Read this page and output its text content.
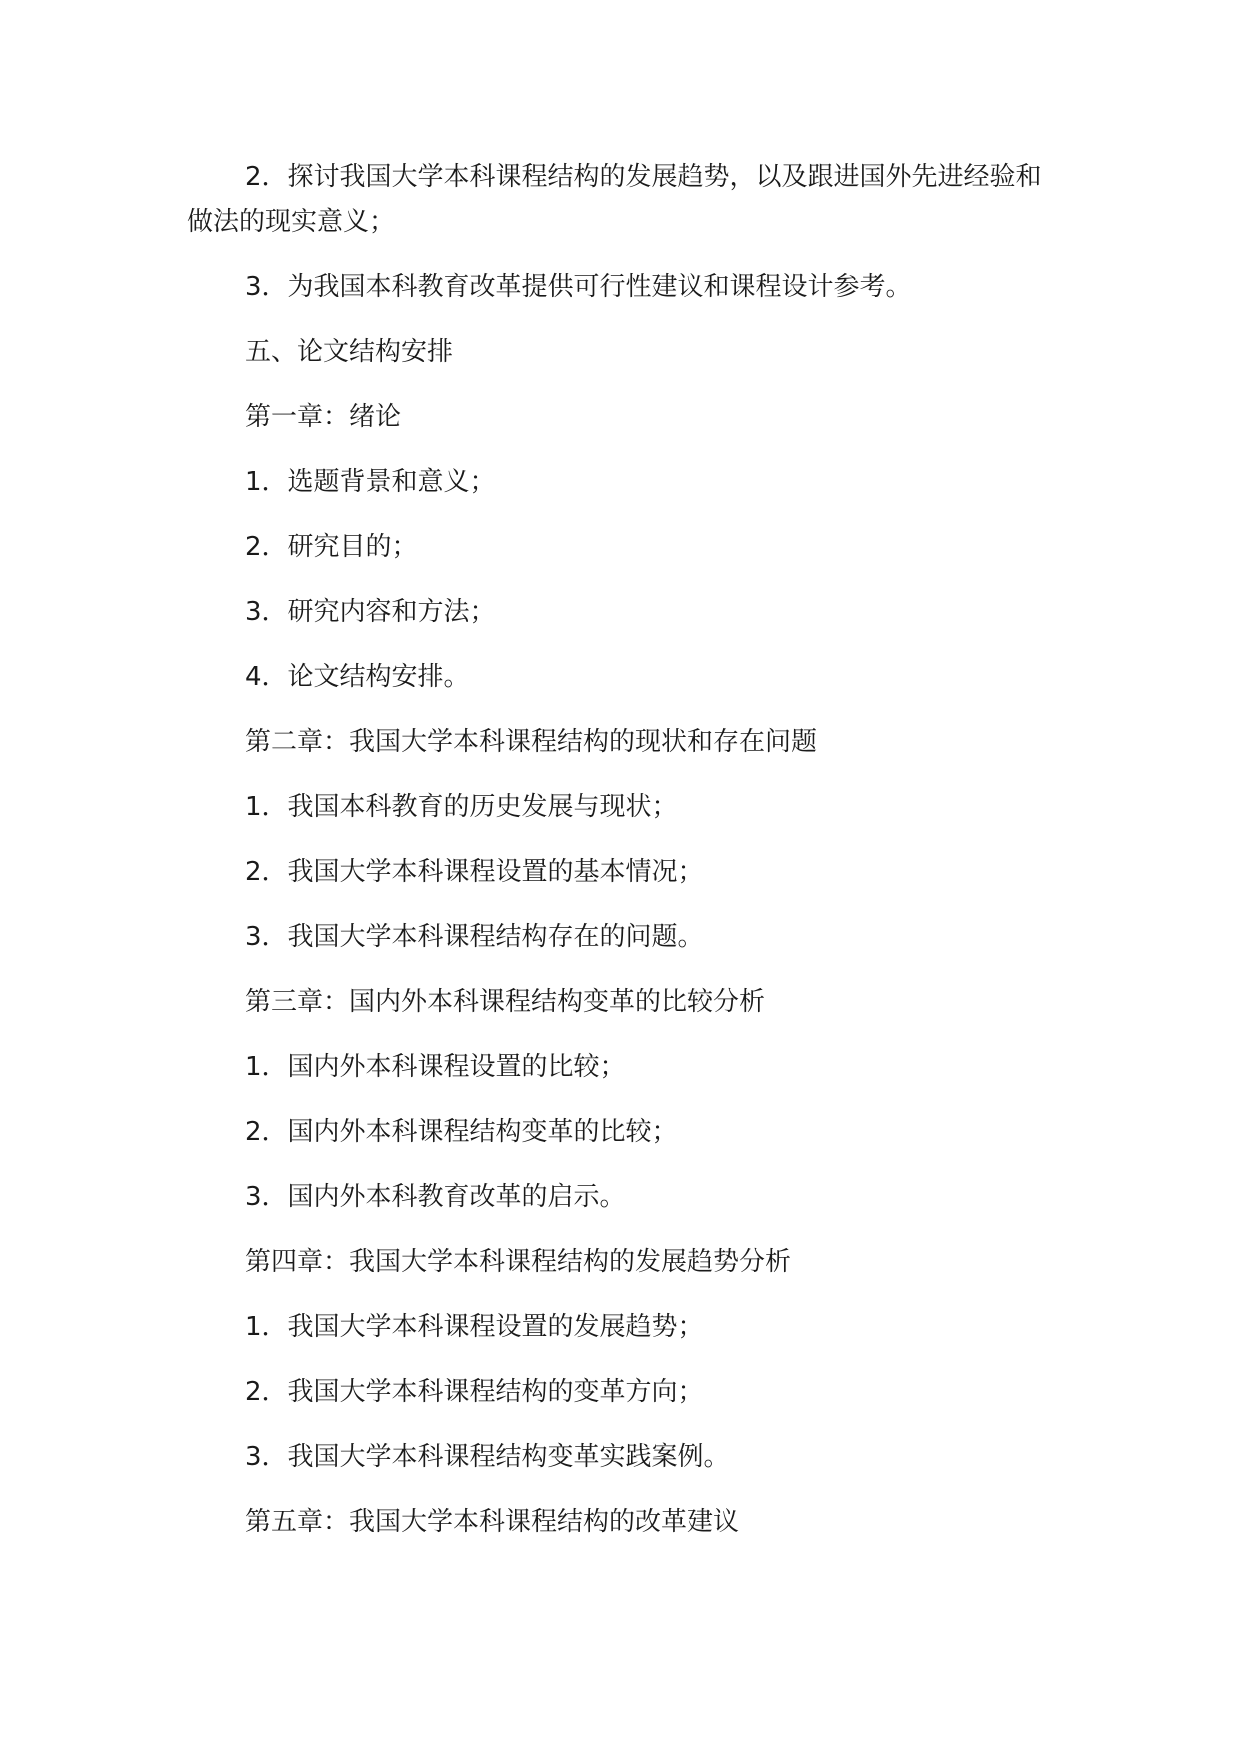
2．探讨我国大学本科课程结构的发展趋势，以及跟进国外先进经验和做法的现实意义；

3．为我国本科教育改革提供可行性建议和课程设计参考。

五、论文结构安排

第一章：绪论

1．选题背景和意义；

2．研究目的；

3．研究内容和方法；

4．论文结构安排。

第二章：我国大学本科课程结构的现状和存在问题

1．我国本科教育的历史发展与现状；

2．我国大学本科课程设置的基本情况；

3．我国大学本科课程结构存在的问题。

第三章：国内外本科课程结构变革的比较分析

1．国内外本科课程设置的比较；

2．国内外本科课程结构变革的比较；

3．国内外本科教育改革的启示。

第四章：我国大学本科课程结构的发展趋势分析

1．我国大学本科课程设置的发展趋势；

2．我国大学本科课程结构的变革方向；

3．我国大学本科课程结构变革实践案例。

第五章：我国大学本科课程结构的改革建议
